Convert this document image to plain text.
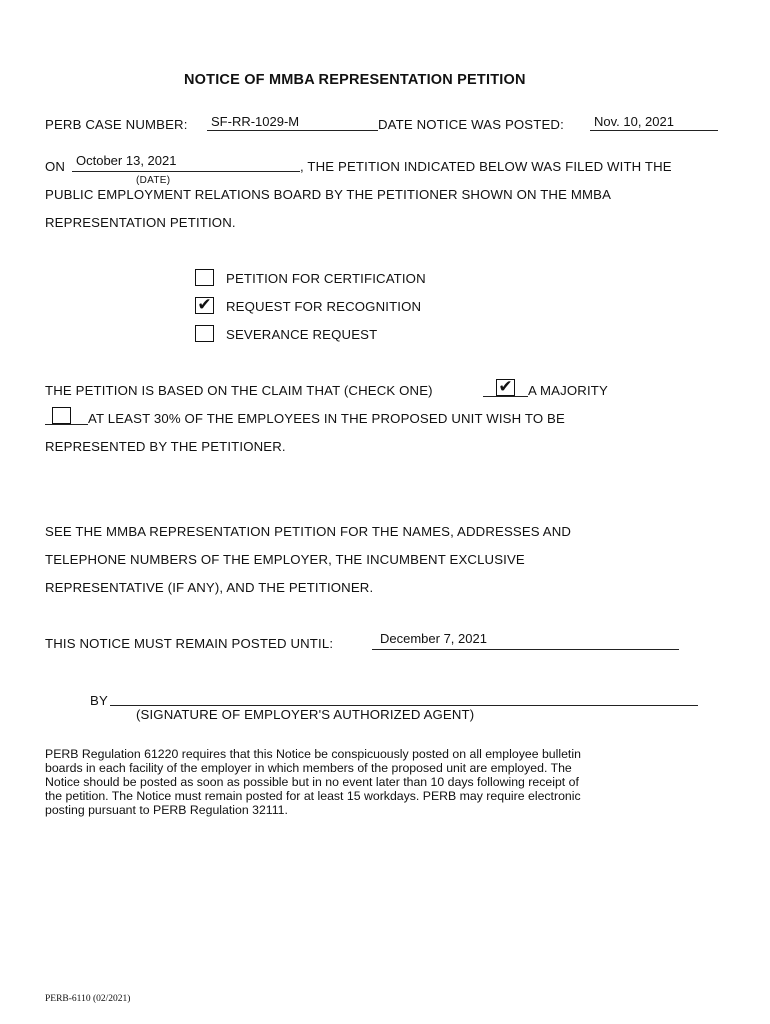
NOTICE OF MMBA REPRESENTATION PETITION
PERB CASE NUMBER: SF-RR-1029-M	DATE NOTICE WAS POSTED: Nov. 10, 2021
ON October 13, 2021	, THE PETITION INDICATED BELOW WAS FILED WITH THE
(DATE)
PUBLIC EMPLOYMENT RELATIONS BOARD BY THE PETITIONER SHOWN ON THE MMBA
REPRESENTATION PETITION.
PETITION FOR CERTIFICATION
✔ REQUEST FOR RECOGNITION
SEVERANCE REQUEST
THE PETITION IS BASED ON THE CLAIM THAT (CHECK ONE)	✔ A MAJORITY
AT LEAST 30% OF THE EMPLOYEES IN THE PROPOSED UNIT WISH TO BE
REPRESENTED BY THE PETITIONER.
SEE THE MMBA REPRESENTATION PETITION FOR THE NAMES, ADDRESSES AND
TELEPHONE NUMBERS OF THE EMPLOYER, THE INCUMBENT EXCLUSIVE
REPRESENTATIVE (IF ANY), AND THE PETITIONER.
THIS NOTICE MUST REMAIN POSTED UNTIL:	December 7, 2021
BY
(SIGNATURE OF EMPLOYER'S AUTHORIZED AGENT)
PERB Regulation 61220 requires that this Notice be conspicuously posted on all employee bulletin
boards in each facility of the employer in which members of the proposed unit are employed. The
Notice should be posted as soon as possible but in no event later than 10 days following receipt of
the petition. The Notice must remain posted for at least 15 workdays. PERB may require electronic
posting pursuant to PERB Regulation 32111.
PERB-6110 (02/2021)
